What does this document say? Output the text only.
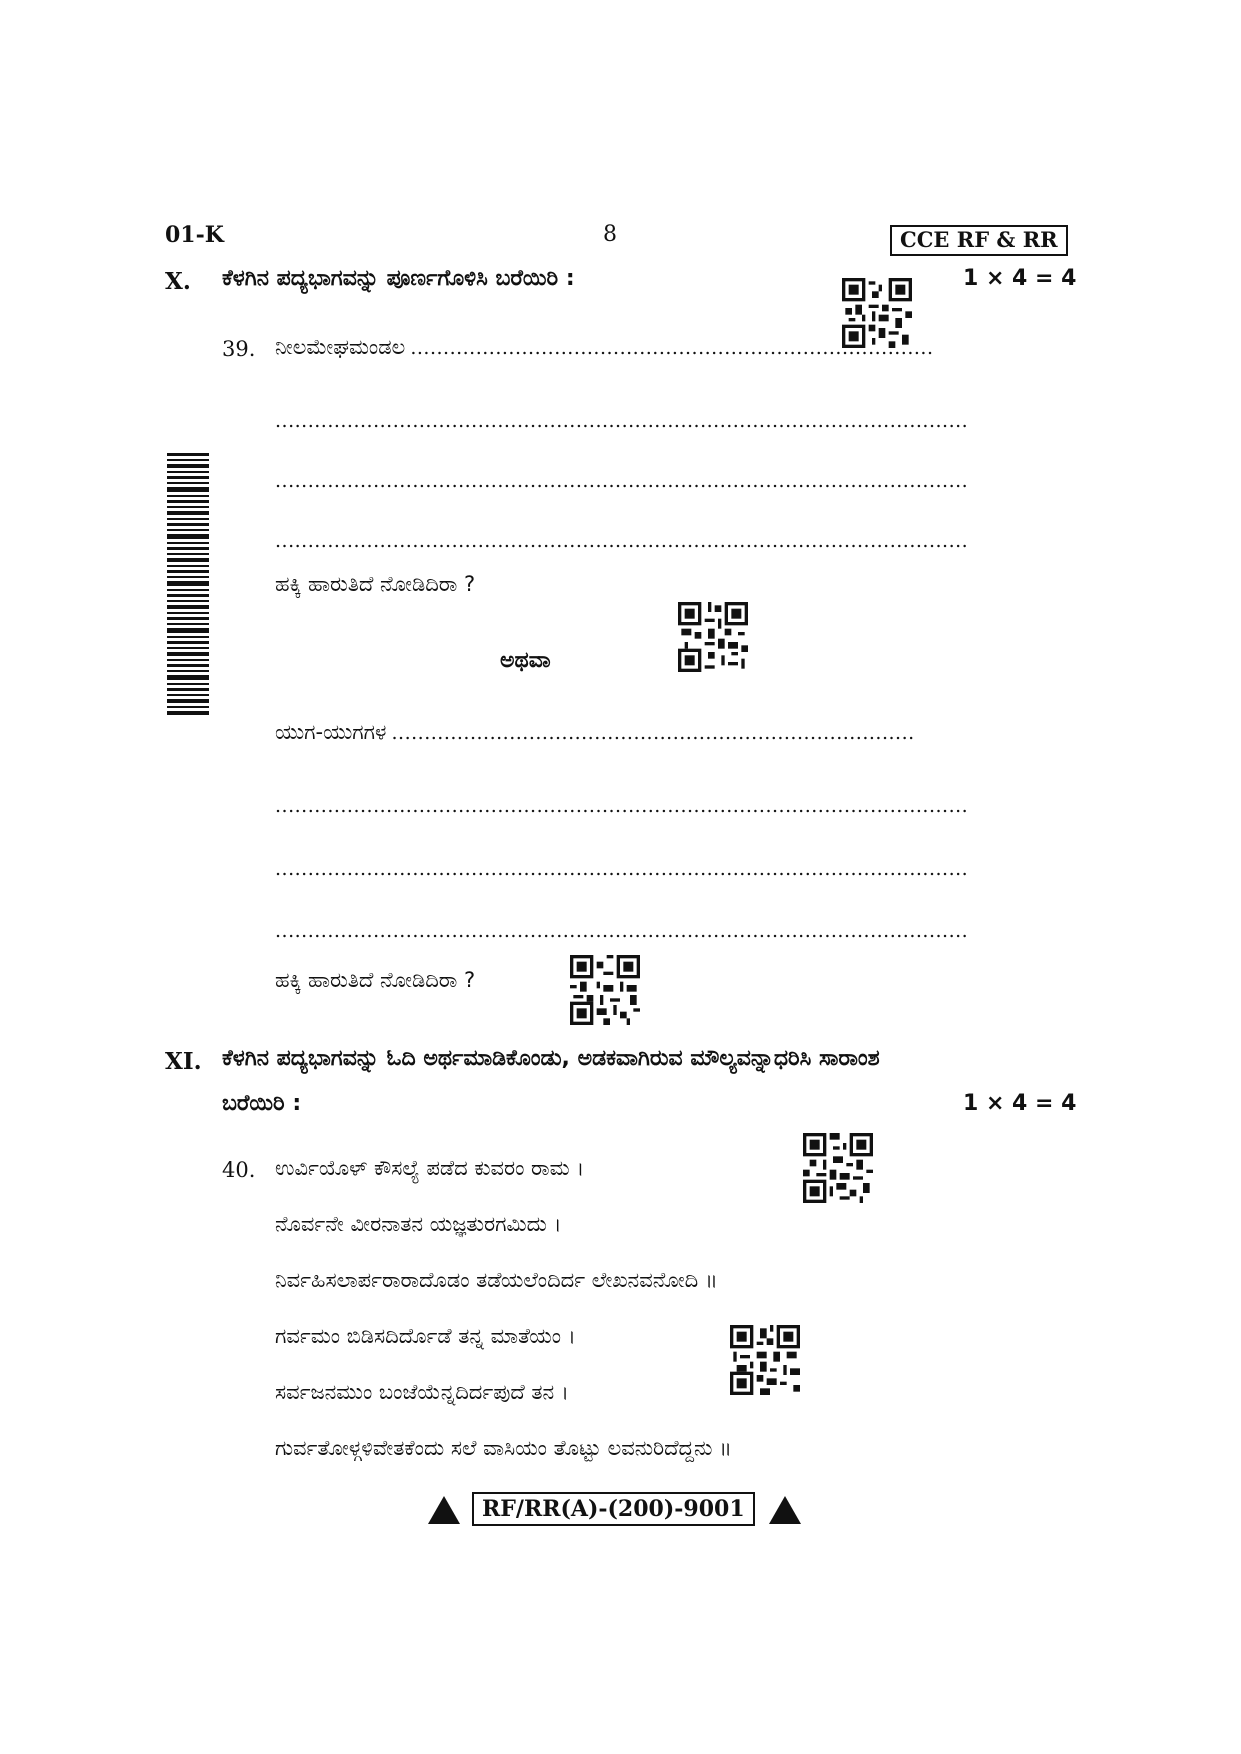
01-K	8	CCE RF & RR
X. ಕೆಳಗಿನ ಪದ್ಯಭಾಗವನ್ನು ಪೂರ್ಣಗೊಳಿಸಿ ಬರೆಯಿರಿ :	1 × 4 = 4
39. ನೀಲಮೇಘಮಂಡಲ ................................................................................
..........................................................................................................
..........................................................................................................
..........................................................................................................
ಹಕ್ಕಿ ಹಾರುತಿದೆ ನೋಡಿದಿರಾ ?
ಅಥವಾ
ಯುಗ-ಯುಗಗಳ ................................................................................
..........................................................................................................
..........................................................................................................
..........................................................................................................
ಹಕ್ಕಿ ಹಾರುತಿದೆ ನೋಡಿದಿರಾ ?
XI. ಕೆಳಗಿನ ಪದ್ಯಭಾಗವನ್ನು ಓದಿ ಅರ್ಥಮಾಡಿಕೊಂಡು, ಅಡಕವಾಗಿರುವ ಮೌಲ್ಯವನ್ನಾಧರಿಸಿ ಸಾರಾಂಶ
ಬರೆಯಿರಿ :	1 × 4 = 4
40. ಉರ್ವಿಯೊಳ್ ಕೌಸಲ್ಯೆ ಪಡೆದ ಕುವರಂ ರಾಮ ।
ನೊರ್ವನೇ ವೀರನಾತನ ಯಜ್ಞತುರಗಮಿದು ।
ನಿರ್ವಹಿಸಲಾರ್ಪರಾರಾದೊಡಂ ತಡೆಯಲೆಂದಿರ್ದ ಲೇಖನವನೋದಿ ॥
ಗರ್ವಮಂ ಬಿಡಿಸದಿರ್ದೊಡೆ ತನ್ನ ಮಾತೆಯಂ ।
ಸರ್ವಜನಮುಂ ಬಂಜೆಯೆನ್ನದಿರ್ದಪುದೆ ತನ ।
ಗುರ್ವತೋಳ್ಗಳಿವೇತಕೆಂದು ಸಲೆ ವಾಸಿಯಂ ತೊಟ್ಟು ಲವನುರಿದೆದ್ದನು ॥
RF/RR(A)-(200)-9001
